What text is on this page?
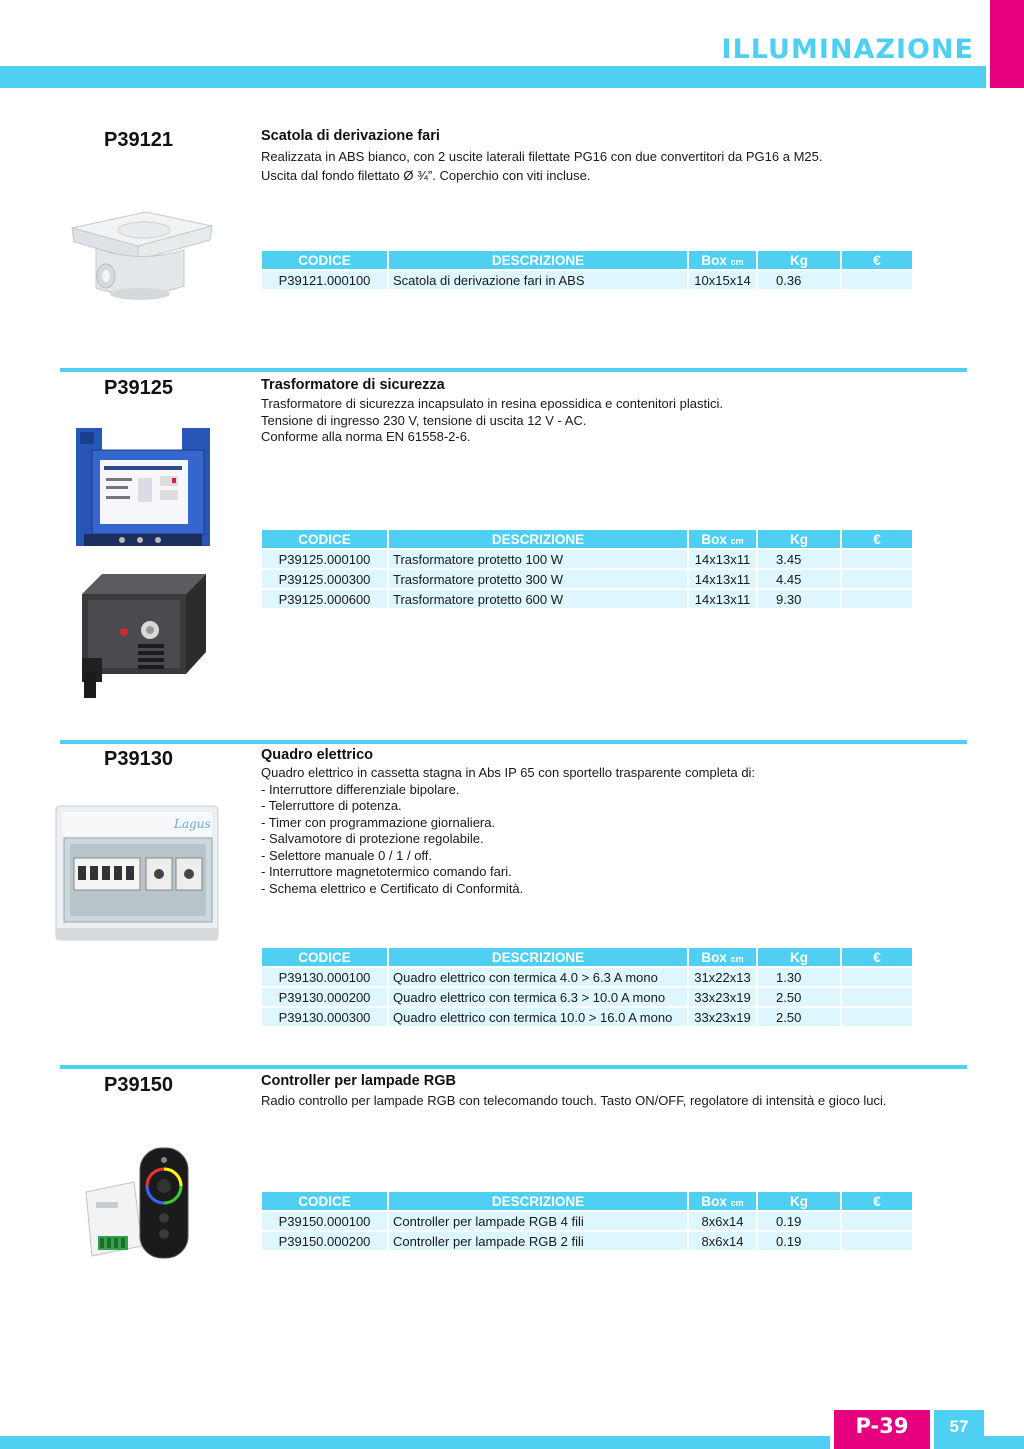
ILLUMINAZIONE
P39121	Scatola di derivazione fari
Realizzata in ABS bianco, con 2 uscite laterali filettate PG16 con due convertitori da PG16 a M25.
Uscita dal fondo filettato Ø ¾”. Coperchio con viti incluse.
CODICE	DESCRIZIONE	Box cm	Kg	€
P39121.000100	Scatola di derivazione fari in ABS	10x15x14	0.36	
P39125	Trasformatore di sicurezza
Trasformatore di sicurezza incapsulato in resina epossidica e contenitori plastici.
Tensione di ingresso 230 V, tensione di uscita 12 V - AC.
Conforme alla norma EN 61558-2-6.
CODICE	DESCRIZIONE	Box cm	Kg	€
P39125.000100	Trasformatore protetto 100 W	14x13x11	3.45	
P39125.000300	Trasformatore protetto 300 W	14x13x11	4.45	
P39125.000600	Trasformatore protetto 600 W	14x13x11	9.30	
P39130	Quadro elettrico
Quadro elettrico in cassetta stagna in Abs IP 65 con sportello trasparente completa di:
- Interruttore differenziale bipolare.
- Telerruttore di potenza.
- Timer con programmazione giornaliera.
- Salvamotore di protezione regolabile.
- Selettore manuale 0 / 1 / off.
- Interruttore magnetotermico comando fari.
- Schema elettrico e Certificato di Conformità.
Lagus
CODICE	DESCRIZIONE	Box cm	Kg	€
P39130.000100	Quadro elettrico con termica 4.0 > 6.3 A mono	31x22x13	1.30	
P39130.000200	Quadro elettrico con termica 6.3 > 10.0 A mono	33x23x19	2.50	
P39130.000300	Quadro elettrico con termica 10.0 > 16.0 A mono	33x23x19	2.50	
P39150	Controller per lampade RGB
Radio controllo per lampade RGB con telecomando touch. Tasto ON/OFF, regolatore di intensità e gioco luci.
CODICE	DESCRIZIONE	Box cm	Kg	€
P39150.000100	Controller per lampade RGB 4 fili	8x6x14	0.19	
P39150.000200	Controller per lampade RGB 2 fili	8x6x14	0.19	
P-39	57
